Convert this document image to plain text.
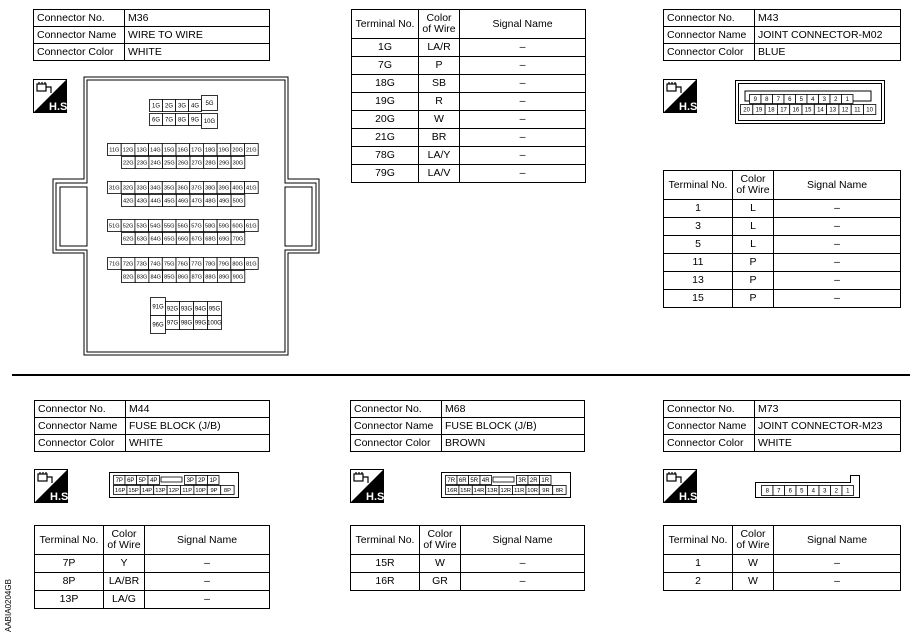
Connector No.	M36
Connector Name	WIRE TO WIRE
Connector Color	WHITE
H.S.	1G 2G 3G 4G
6G 7G 8G 9G
5G
10G
11G 12G 13G 14G 15G 16G 17G 18G 19G 20G 21G
22G 23G 24G 25G 26G 27G 28G 29G 30G
31G 32G 33G 34G 35G 36G 37G 38G 39G 40G 41G
42G 43G 44G 45G 46G 47G 48G 49G 50G
51G 52G 53G 54G 55G 56G 57G 58G 59G 60G 61G
62G 63G 64G 65G 66G 67G 68G 69G 70G
71G 72G 73G 74G 75G 76G 77G 78G 79G 80G 81G
82G 83G 84G 85G 86G 87G 88G 89G 90G
91G 92G 93G 94G 95G
96G 97G 98G 99G 100G
Terminal No.	Color of Wire	Signal Name
1G	LA/R	–
7G	P	–
18G	SB	–
19G	R	–
20G	W	–
21G	BR	–
78G	LA/Y	–
79G	LA/V	–
Connector No.	M43
Connector Name	JOINT CONNECTOR-M02
Connector Color	BLUE
H.S.
9 8 7 6 5 4 3 2 1
20 19 18 17 16 15 14 13 12 11 10
Terminal No.	Color of Wire	Signal Name
1	L	–
3	L	–
5	L	–
11	P	–
13	P	–
15	P	–
Connector No.	M44
Connector Name	FUSE BLOCK (J/B)
Connector Color	WHITE
H.S.
7P 6P 5P 4P	3P 2P 1P
16P 15P 14P 13P 12P 11P 10P 9P 8P
Terminal No.	Color of Wire	Signal Name
7P	Y	–
8P	LA/BR	–
13P	LA/G	–
Connector No.	M68
Connector Name	FUSE BLOCK (J/B)
Connector Color	BROWN
H.S.
7R 6R 5R 4R	3R 2R 1R
16R 15R 14R 13R 12R 11R 10R 9R 8R
Terminal No.	Color of Wire	Signal Name
15R	W	–
16R	GR	–
Connector No.	M73
Connector Name	JOINT CONNECTOR-M23
Connector Color	WHITE
H.S.	8 7 6 5 4 3 2 1
Terminal No.	Color of Wire	Signal Name
1	W	–
2	W	–
AABIA0204GB
